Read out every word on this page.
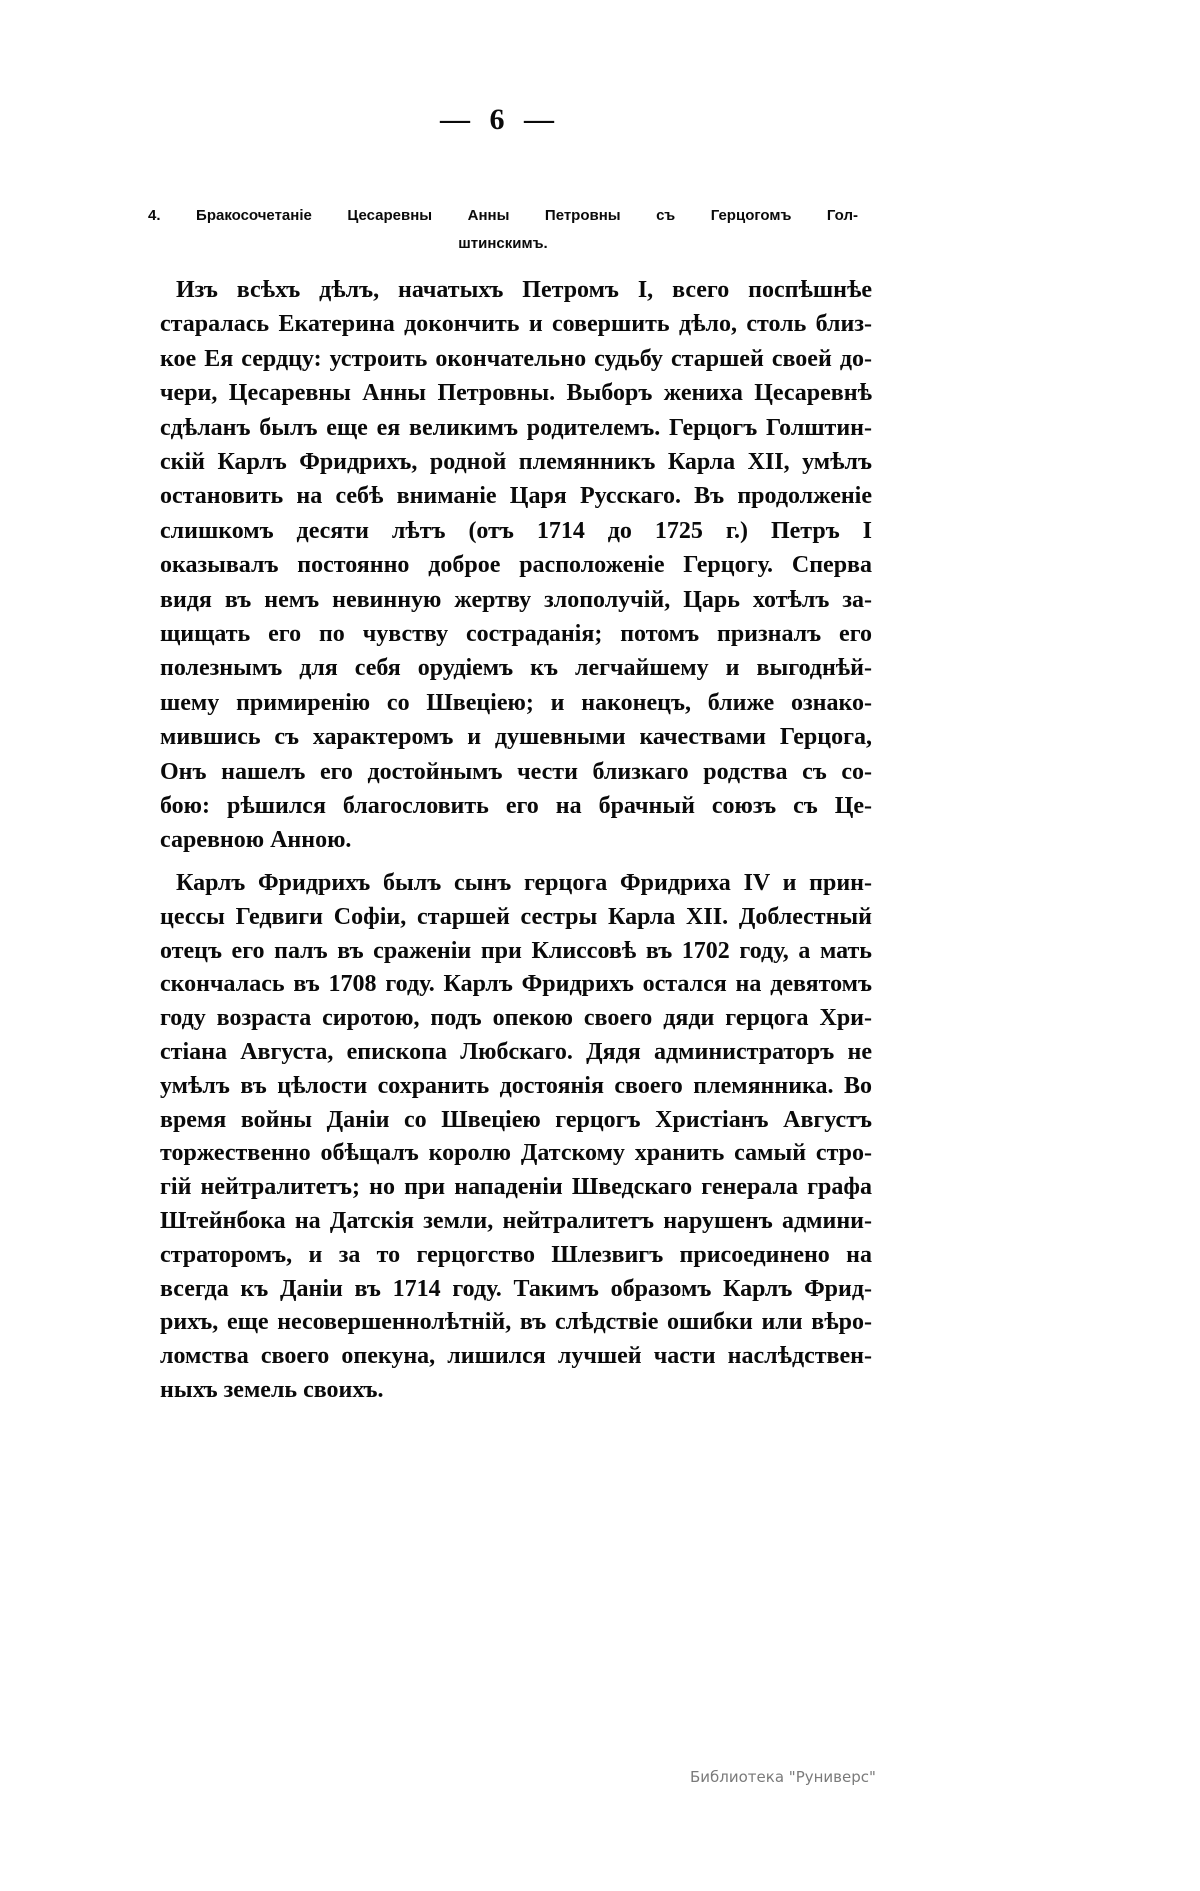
— 6 —
4. Бракосочетаніе Цесаревны Анны Петровны съ Герцогомъ Гол-
штинскимъ.
Изъ всѣхъ дѣлъ, начатыхъ Петромъ I, всего поспѣшнѣе
старалась Екатерина докончить и совершить дѣло, столь близ-
кое Ея сердцу: устроить окончательно судьбу старшей своей до-
чери, Цесаревны Анны Петровны. Выборъ жениха Цесаревнѣ
сдѣланъ былъ еще ея великимъ родителемъ. Герцогъ Голштин-
скій Карлъ Фридрихъ, родной племянникъ Карла XII, умѣлъ
остановить на себѣ вниманіе Царя Русскаго. Въ продолженіе
слишкомъ десяти лѣтъ (отъ 1714 до 1725 г.) Петръ I
оказывалъ постоянно доброе расположеніе Герцогу. Сперва
видя въ немъ невинную жертву злополучій, Царь хотѣлъ за-
щищать его по чувству состраданія; потомъ призналъ его
полезнымъ для себя орудіемъ къ легчайшему и выгоднѣй-
шему примиренію со Швеціею; и наконецъ, ближе ознако-
мившись съ характеромъ и душевными качествами Герцога,
Онъ нашелъ его достойнымъ чести близкаго родства съ со-
бою: рѣшился благословить его на брачный союзъ съ Це-
саревною Анною.
Карлъ Фридрихъ былъ сынъ герцога Фридриха IV и прин-
цессы Гедвиги Софіи, старшей сестры Карла XII. Доблестный
отецъ его палъ въ сраженіи при Клиссовѣ въ 1702 году, а мать
скончалась въ 1708 году. Карлъ Фридрихъ остался на девятомъ
году возраста сиротою, подъ опекою своего дяди герцога Хри-
стіана Августа, епископа Любскаго. Дядя администраторъ не
умѣлъ въ цѣлости сохранить достоянія своего племянника. Во
время войны Даніи со Швеціею герцогъ Христіанъ Августъ
торжественно обѣщалъ королю Датскому хранить самый стро-
гій нейтралитетъ; но при нападеніи Шведскаго генерала графа
Штейнбока на Датскія земли, нейтралитетъ нарушенъ админи-
страторомъ, и за то герцогство Шлезвигъ присоединено на
всегда къ Даніи въ 1714 году. Такимъ образомъ Карлъ Фрид-
рихъ, еще несовершеннолѣтній, въ слѣдствіе ошибки или вѣро-
ломства своего опекуна, лишился лучшей части наслѣдствен-
ныхъ земель своихъ.
Библиотека "Руниверс"
